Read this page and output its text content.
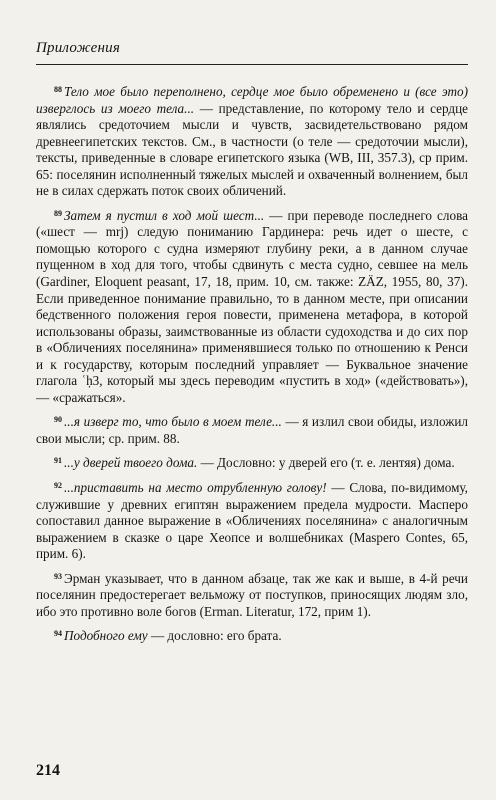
Приложения

$^{88}$ Тело мое было переполнено, сердце мое было обременено и (все это) изверглось из моего тела... — представление, по которому тело и сердце являлись средоточием мысли и чувств, засвидетельствовано рядом древнеегипетских текстов. См., в частности (о теле — средоточии мысли), тексты, приведенные в словаре египетского языка (WB, III, 357.3), ср прим. 65: поселянин исполненный тяжелых мыслей и охваченный волнением, был не в силах сдержать поток своих обличений.

$^{89}$ Затем я пустил в ход мой шест... — при переводе последнего слова («шест — mrj) следую пониманию Гардинера: речь идет о шесте, с помощью которого с судна измеряют глубину реки, а в данном случае пущенном в ход для того, чтобы сдвинуть с места судно, севшее на мель (Gardiner, Eloquent peasant, 17, 18, прим. 10, см. также: ZÄZ, 1955, 80, 37). Если приведенное понимание правильно, то в данном месте, при описании бедственного положения героя повести, применена метафора, в которой использованы образы, заимствованные из области судоходства и до сих пор в «Обличениях поселянина» применявшиеся только по отношению к Ренси и к государству, которым последний управляет — Буквальное значение глагола ʿḥ3, который мы здесь переводим «пустить в ход» («действовать»), — «сражаться».

$^{90}$ ...я изверг то, что было в моем теле... — я излил свои обиды, изложил свои мысли; ср. прим. 88.

$^{91}$ ...у дверей твоего дома. — Дословно: у дверей его (т. е. лентяя) дома.

$^{92}$ ...приставить на место отрубленную голову! — Слова, по-видимому, служившие у древних египтян выражением предела мудрости. Масперо сопоставил данное выражение в «Обличениях поселянина» с аналогичным выражением в сказке о царе Хеопсе и волшебниках (Maspero Contes, 65, прим. 6).

$^{93}$ Эрман указывает, что в данном абзаце, так же как и выше, в 4-й речи поселянин предостерегает вельможу от поступков, приносящих людям зло, ибо это противно воле богов (Erman. Literatur, 172, прим 1).

$^{94}$ Подобного ему — дословно: его брата.

214
